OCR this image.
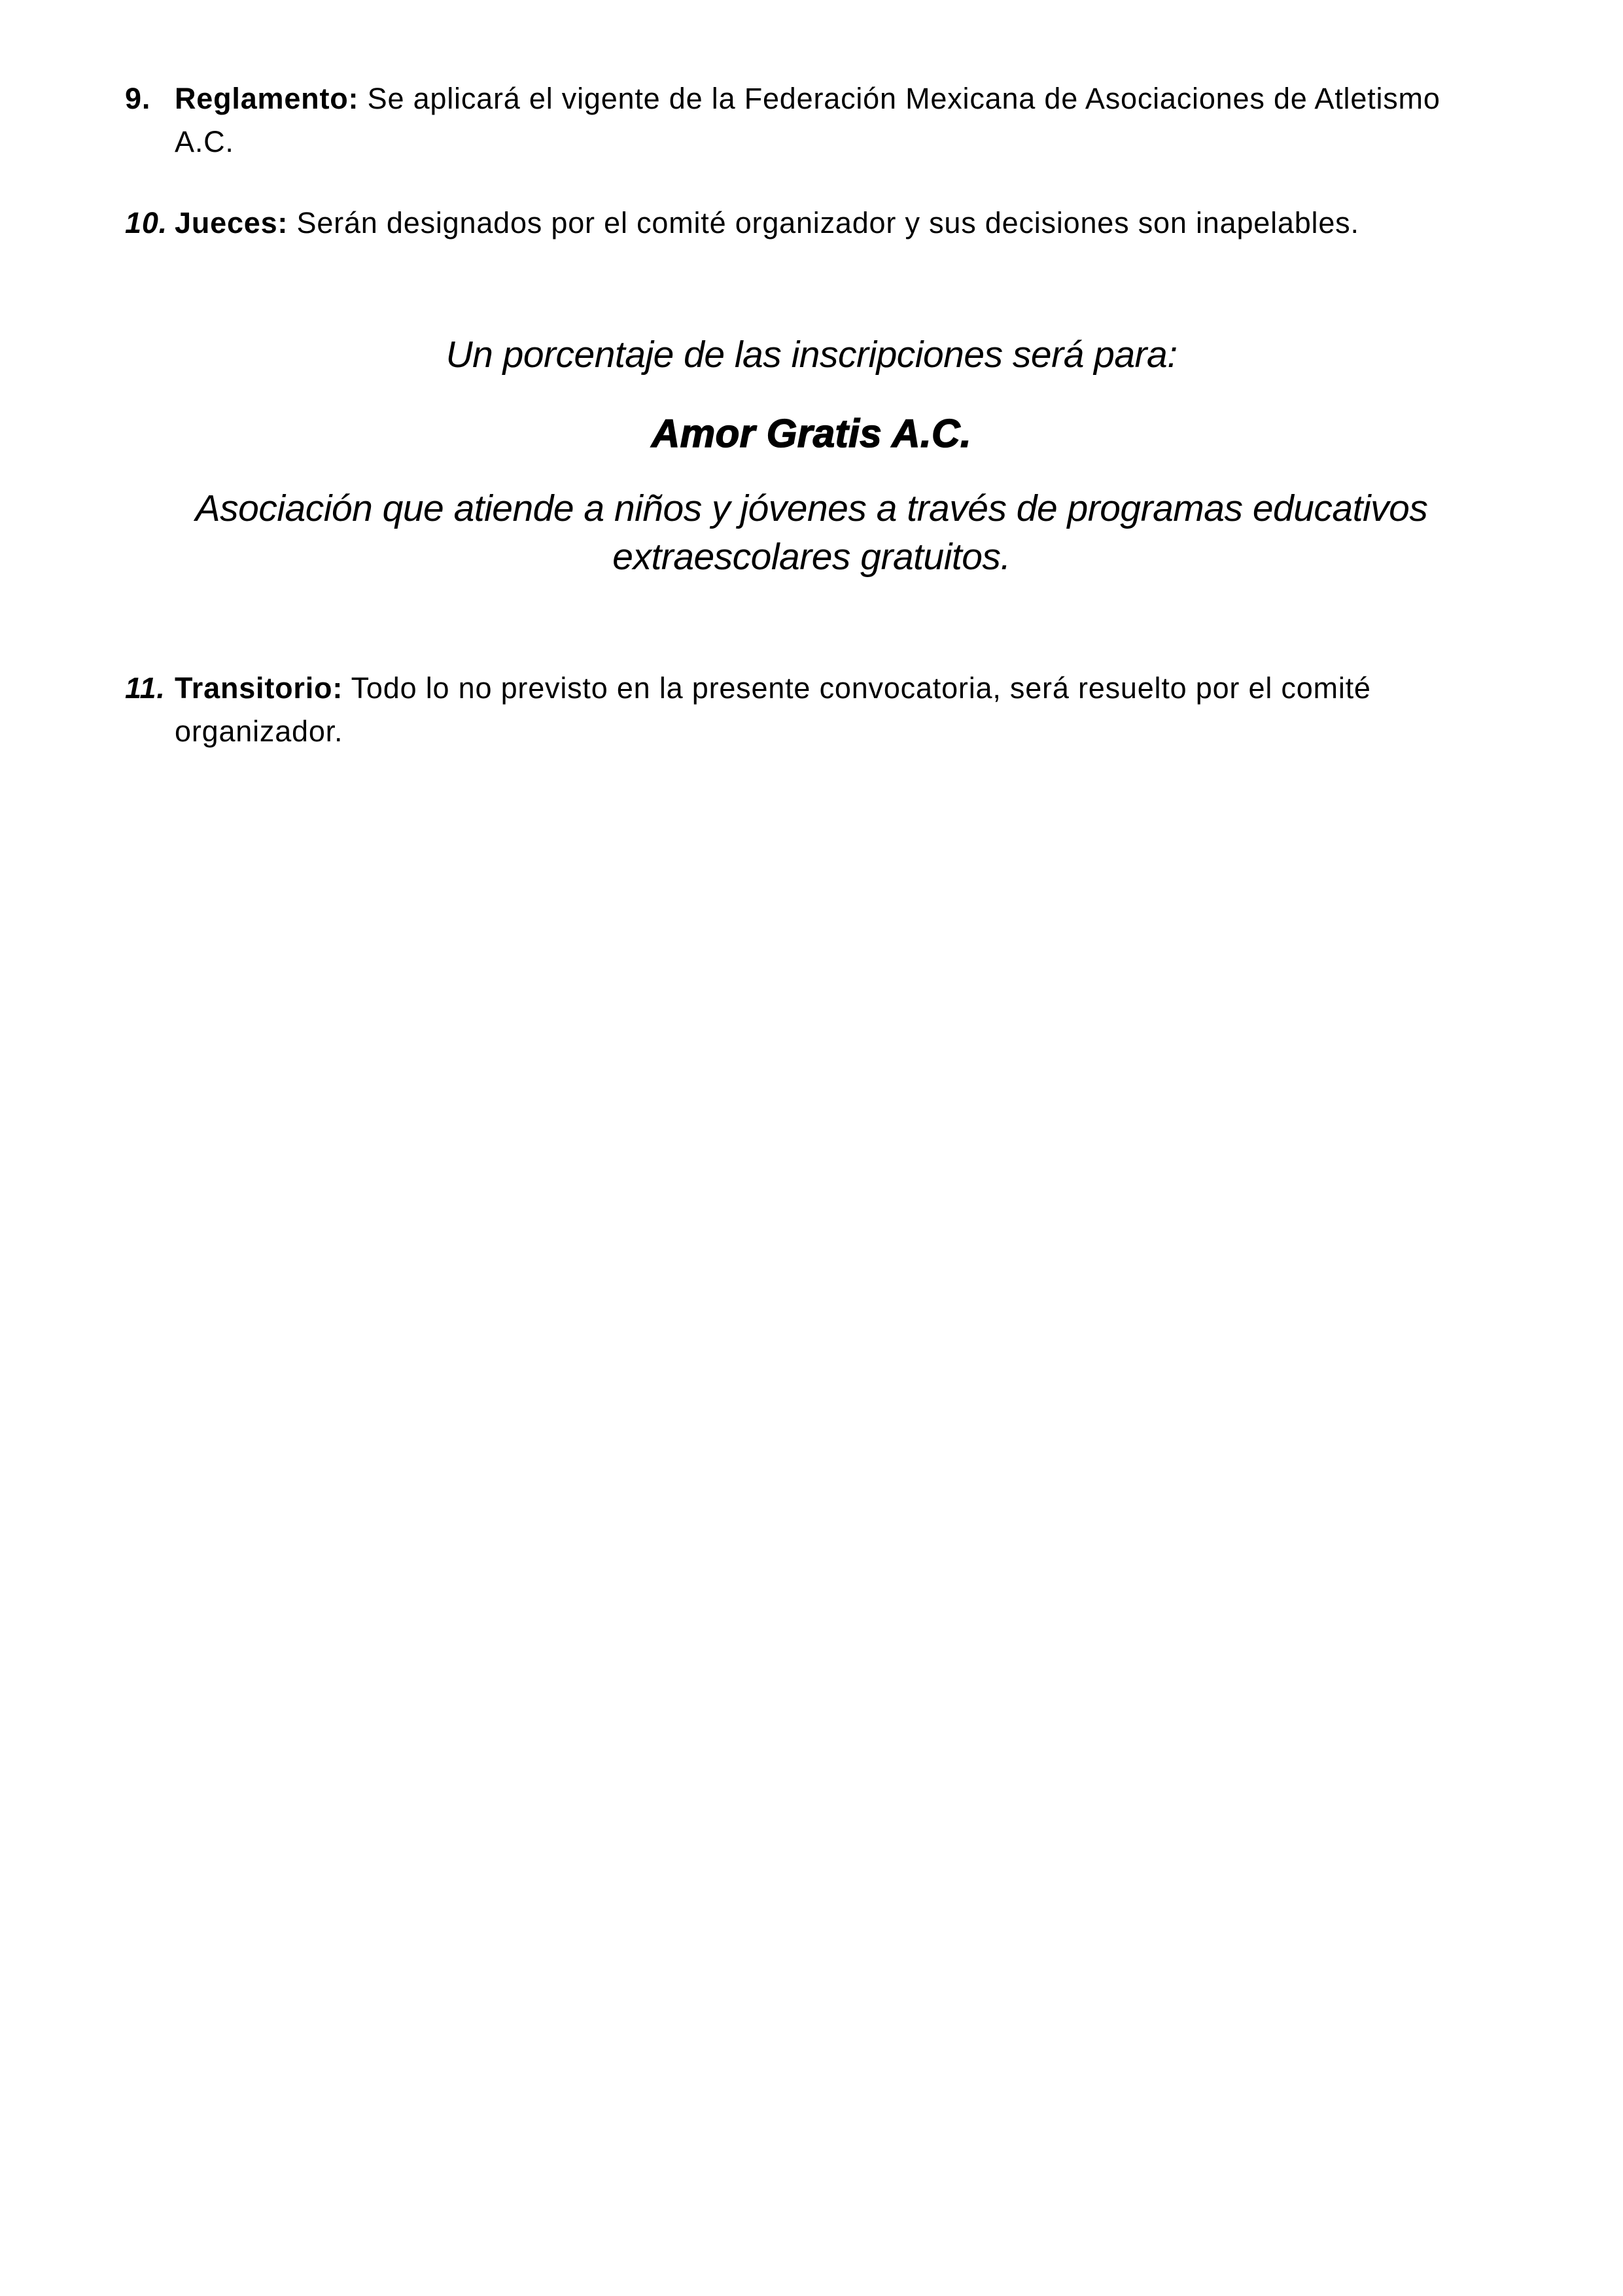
9. Reglamento: Se aplicará el vigente de la Federación Mexicana de Asociaciones de Atletismo A.C.
10. Jueces: Serán designados por el comité organizador y sus decisiones son inapelables.
Un porcentaje de las inscripciones será para:
Amor Gratis A.C.
Asociación que atiende a niños y jóvenes a través de programas educativos extraescolares gratuitos.
11. Transitorio: Todo lo no previsto en la presente convocatoria, será resuelto por el comité organizador.
